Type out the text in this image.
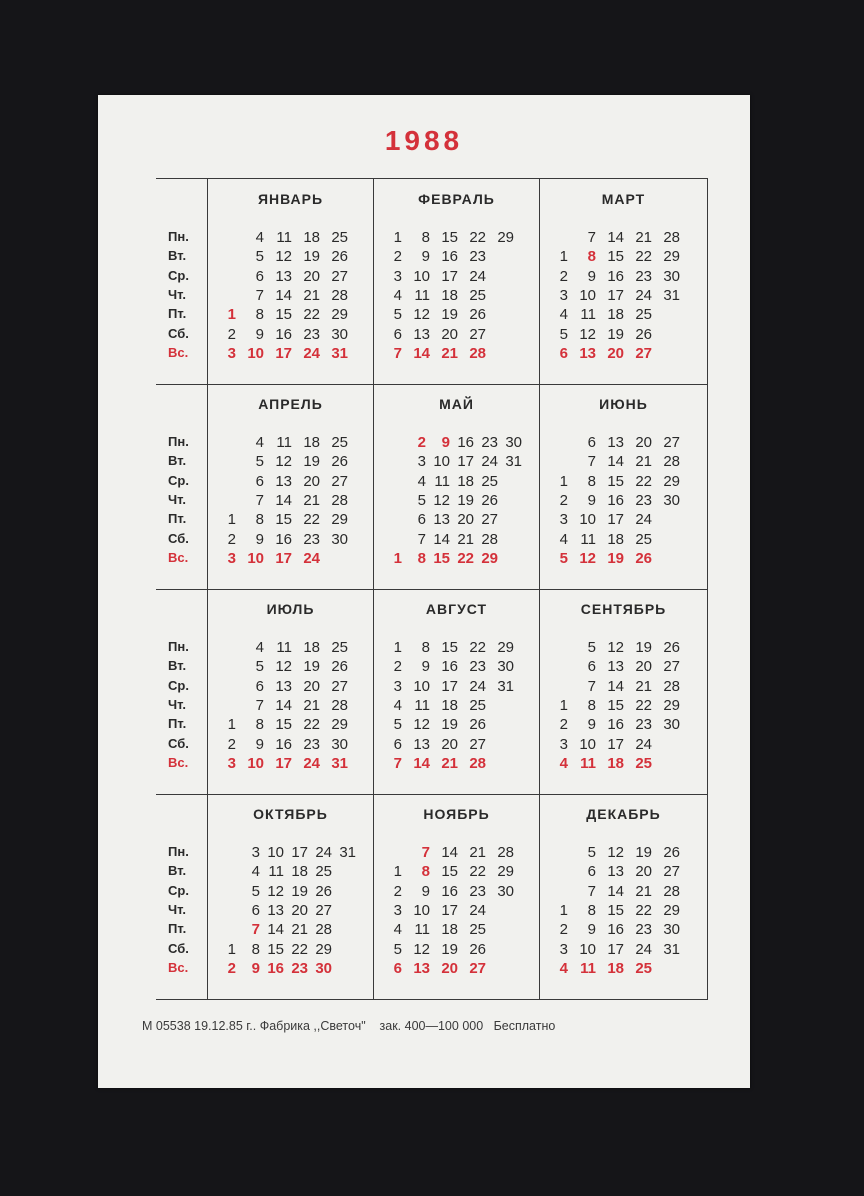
1988
Пн.
Вт.
Ср.
Чт.
Пт.
Сб.
Вс.
ЯНВАРЬ
1
2
3
4
5
6
7
8
9
10
11
12
13
14
15
16
17
18
19
20
21
22
23
24
25
26
27
28
29
30
31
ФЕВРАЛЬ
1
2
3
4
5
6
7
8
9
10
11
12
13
14
15
16
17
18
19
20
21
22
23
24
25
26
27
28
29
МАРТ
1
2
3
4
5
6
7
8
9
10
11
12
13
14
15
16
17
18
19
20
21
22
23
24
25
26
27
28
29
30
31
Пн.
Вт.
Ср.
Чт.
Пт.
Сб.
Вс.
АПРЕЛЬ
1
2
3
4
5
6
7
8
9
10
11
12
13
14
15
16
17
18
19
20
21
22
23
24
25
26
27
28
29
30
МАЙ
1
2
3
4
5
6
7
8
9
10
11
12
13
14
15
16
17
18
19
20
21
22
23
24
25
26
27
28
29
30
31
ИЮНЬ
1
2
3
4
5
6
7
8
9
10
11
12
13
14
15
16
17
18
19
20
21
22
23
24
25
26
27
28
29
30
Пн.
Вт.
Ср.
Чт.
Пт.
Сб.
Вс.
ИЮЛЬ
1
2
3
4
5
6
7
8
9
10
11
12
13
14
15
16
17
18
19
20
21
22
23
24
25
26
27
28
29
30
31
АВГУСТ
1
2
3
4
5
6
7
8
9
10
11
12
13
14
15
16
17
18
19
20
21
22
23
24
25
26
27
28
29
30
31
СЕНТЯБРЬ
1
2
3
4
5
6
7
8
9
10
11
12
13
14
15
16
17
18
19
20
21
22
23
24
25
26
27
28
29
30
Пн.
Вт.
Ср.
Чт.
Пт.
Сб.
Вс.
ОКТЯБРЬ
1
2
3
4
5
6
7
8
9
10
11
12
13
14
15
16
17
18
19
20
21
22
23
24
25
26
27
28
29
30
31
НОЯБРЬ
1
2
3
4
5
6
7
8
9
10
11
12
13
14
15
16
17
18
19
20
21
22
23
24
25
26
27
28
29
30
ДЕКАБРЬ
1
2
3
4
5
6
7
8
9
10
11
12
13
14
15
16
17
18
19
20
21
22
23
24
25
26
27
28
29
30
31
М 05538 19.12.85 г.. Фабрика ,,Светоч"    зак. 400—100 000   Бесплатно
